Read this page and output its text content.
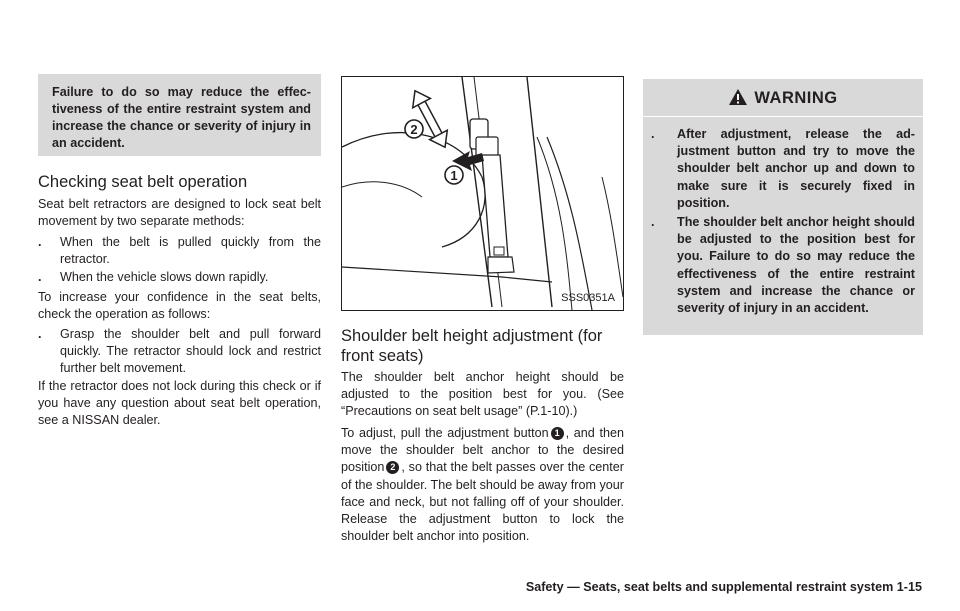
Failure to do so may reduce the effectiveness of the entire restraint system and increase the chance or severity of injury in an accident.

Checking seat belt operation

Seat belt retractors are designed to lock seat belt movement by two separate methods:

. When the belt is pulled quickly from the retractor.
. When the vehicle slows down rapidly.

To increase your confidence in the seat belts, check the operation as follows:

. Grasp the shoulder belt and pull forward quickly. The retractor should lock and restrict further belt movement.

If the retractor does not lock during this check or if you have any question about seat belt operation, see a NISSAN dealer.

2
1
SSS0351A
Shoulder belt height adjustment (for front seats)

The shoulder belt anchor height should be adjusted to the position best for you. (See “Precautions on seat belt usage” (P.1-10).)

To adjust, pull the adjustment button 1 , and then move the shoulder belt anchor to the desired position 2 , so that the belt passes over the center of the shoulder. The belt should be away from your face and neck, but not falling off of your shoulder. Release the adjustment button to lock the shoulder belt anchor into position.

WARNING
. After adjustment, release the adjustment button and try to move the shoulder belt anchor up and down to make sure it is securely fixed in position.
. The shoulder belt anchor height should be adjusted to the position best for you. Failure to do so may reduce the effectiveness of the entire restraint system and increase the chance or severity of injury in an accident.
Safety — Seats, seat belts and supplemental restraint system 1-15
